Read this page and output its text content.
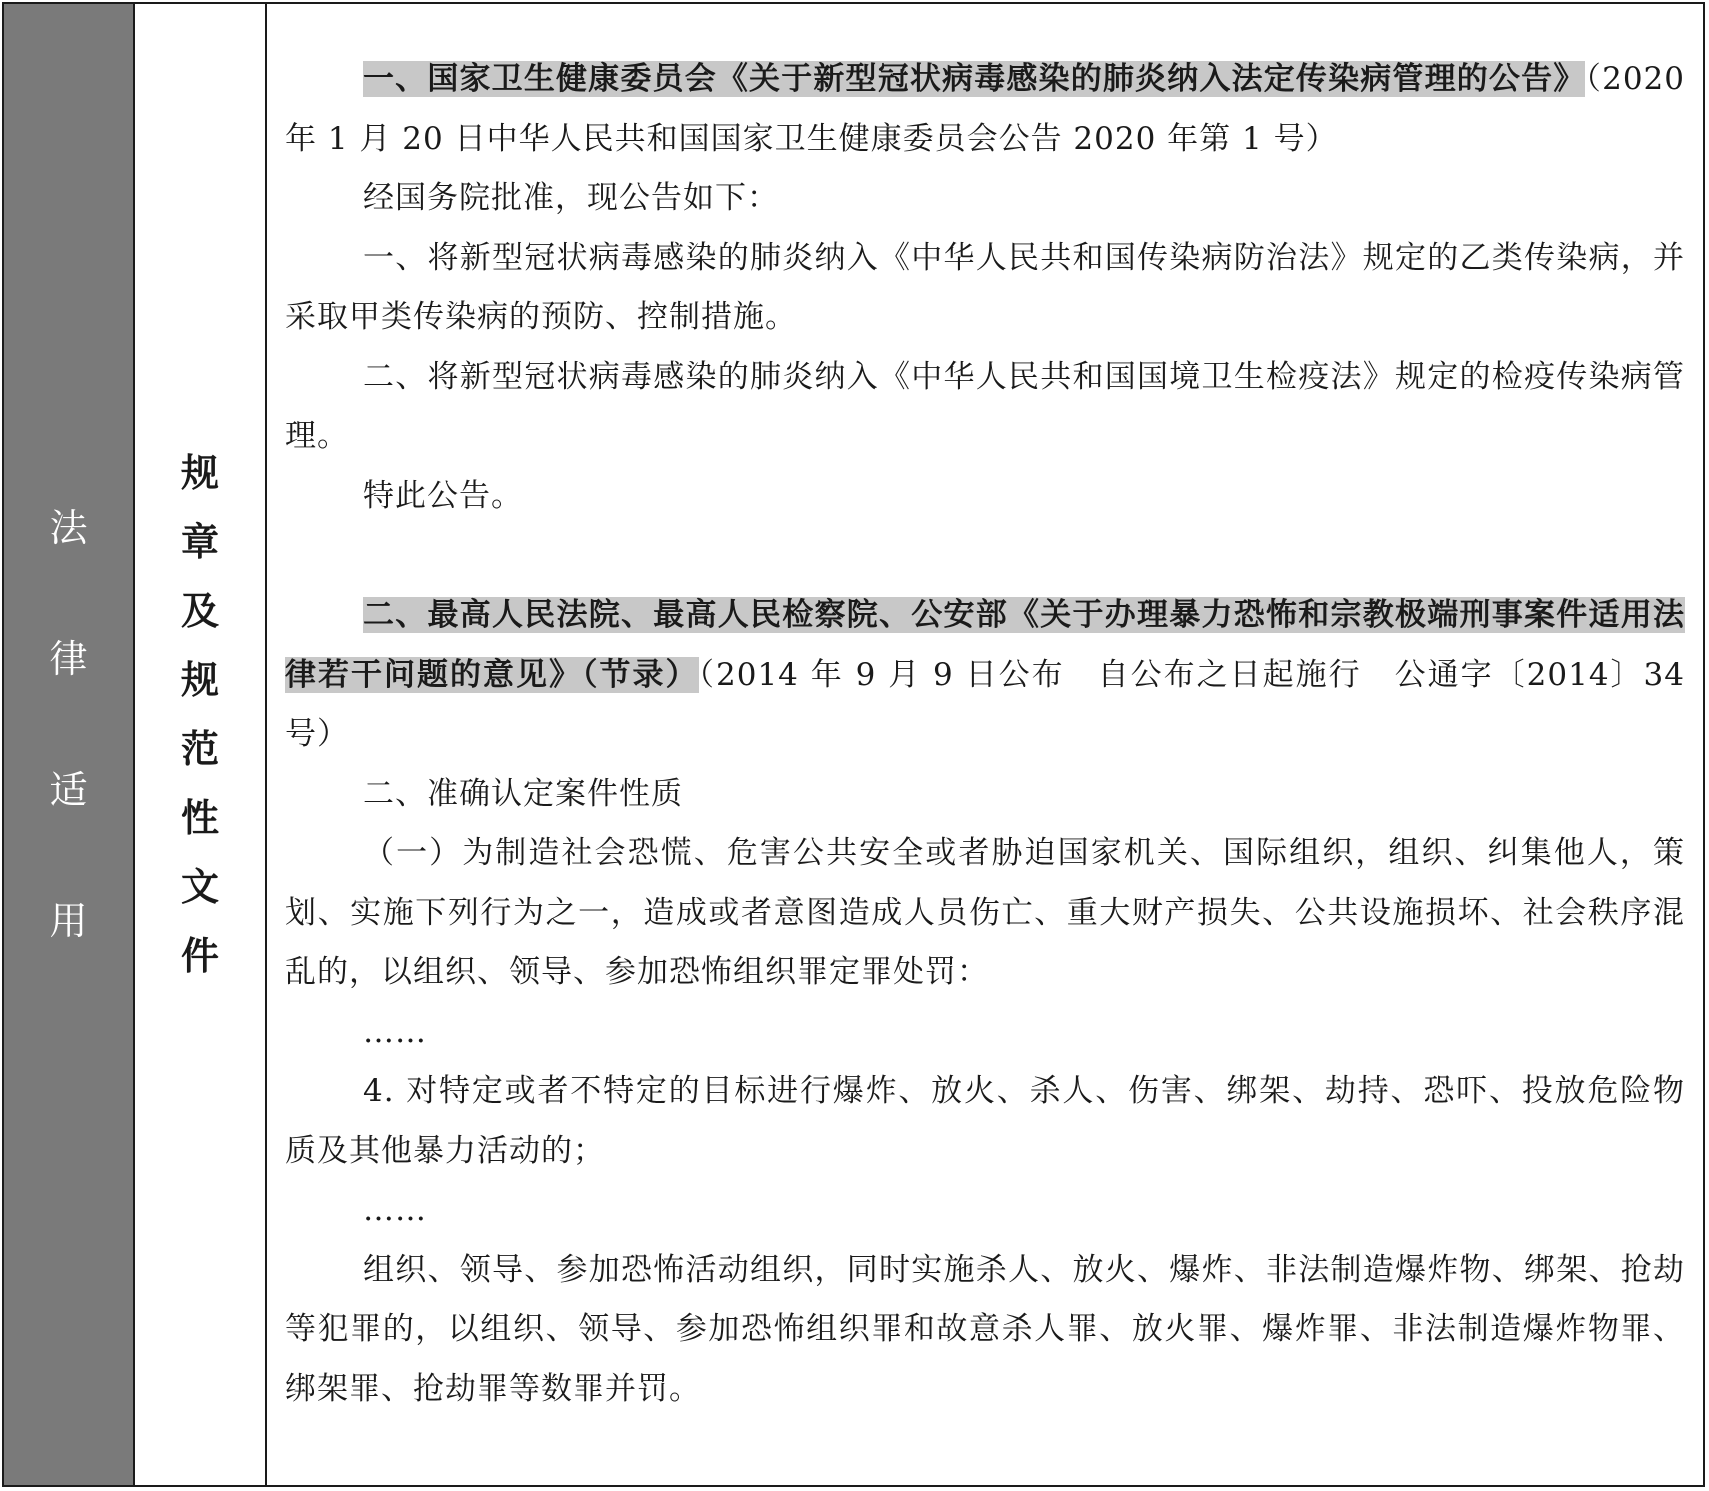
法律适用
规章及规范性文件

一、国家卫生健康委员会《关于新型冠状病毒感染的肺炎纳入法定传染病管理的公告》（2020 年 1 月 20 日中华人民共和国国家卫生健康委员会公告 2020 年第 1 号）

经国务院批准，现公告如下：

一、将新型冠状病毒感染的肺炎纳入《中华人民共和国传染病防治法》规定的乙类传染病，并采取甲类传染病的预防、控制措施。

二、将新型冠状病毒感染的肺炎纳入《中华人民共和国国境卫生检疫法》规定的检疫传染病管理。

特此公告。

二、最高人民法院、最高人民检察院、公安部《关于办理暴力恐怖和宗教极端刑事案件适用法律若干问题的意见》（节录）（2014 年 9 月 9 日公布　自公布之日起施行　公通字〔2014〕34 号）

二、准确认定案件性质

（一）为制造社会恐慌、危害公共安全或者胁迫国家机关、国际组织，组织、纠集他人，策划、实施下列行为之一，造成或者意图造成人员伤亡、重大财产损失、公共设施损坏、社会秩序混乱的，以组织、领导、参加恐怖组织罪定罪处罚：

……

4. 对特定或者不特定的目标进行爆炸、放火、杀人、伤害、绑架、劫持、恐吓、投放危险物质及其他暴力活动的；

……

组织、领导、参加恐怖活动组织，同时实施杀人、放火、爆炸、非法制造爆炸物、绑架、抢劫等犯罪的，以组织、领导、参加恐怖组织罪和故意杀人罪、放火罪、爆炸罪、非法制造爆炸物罪、绑架罪、抢劫罪等数罪并罚。
